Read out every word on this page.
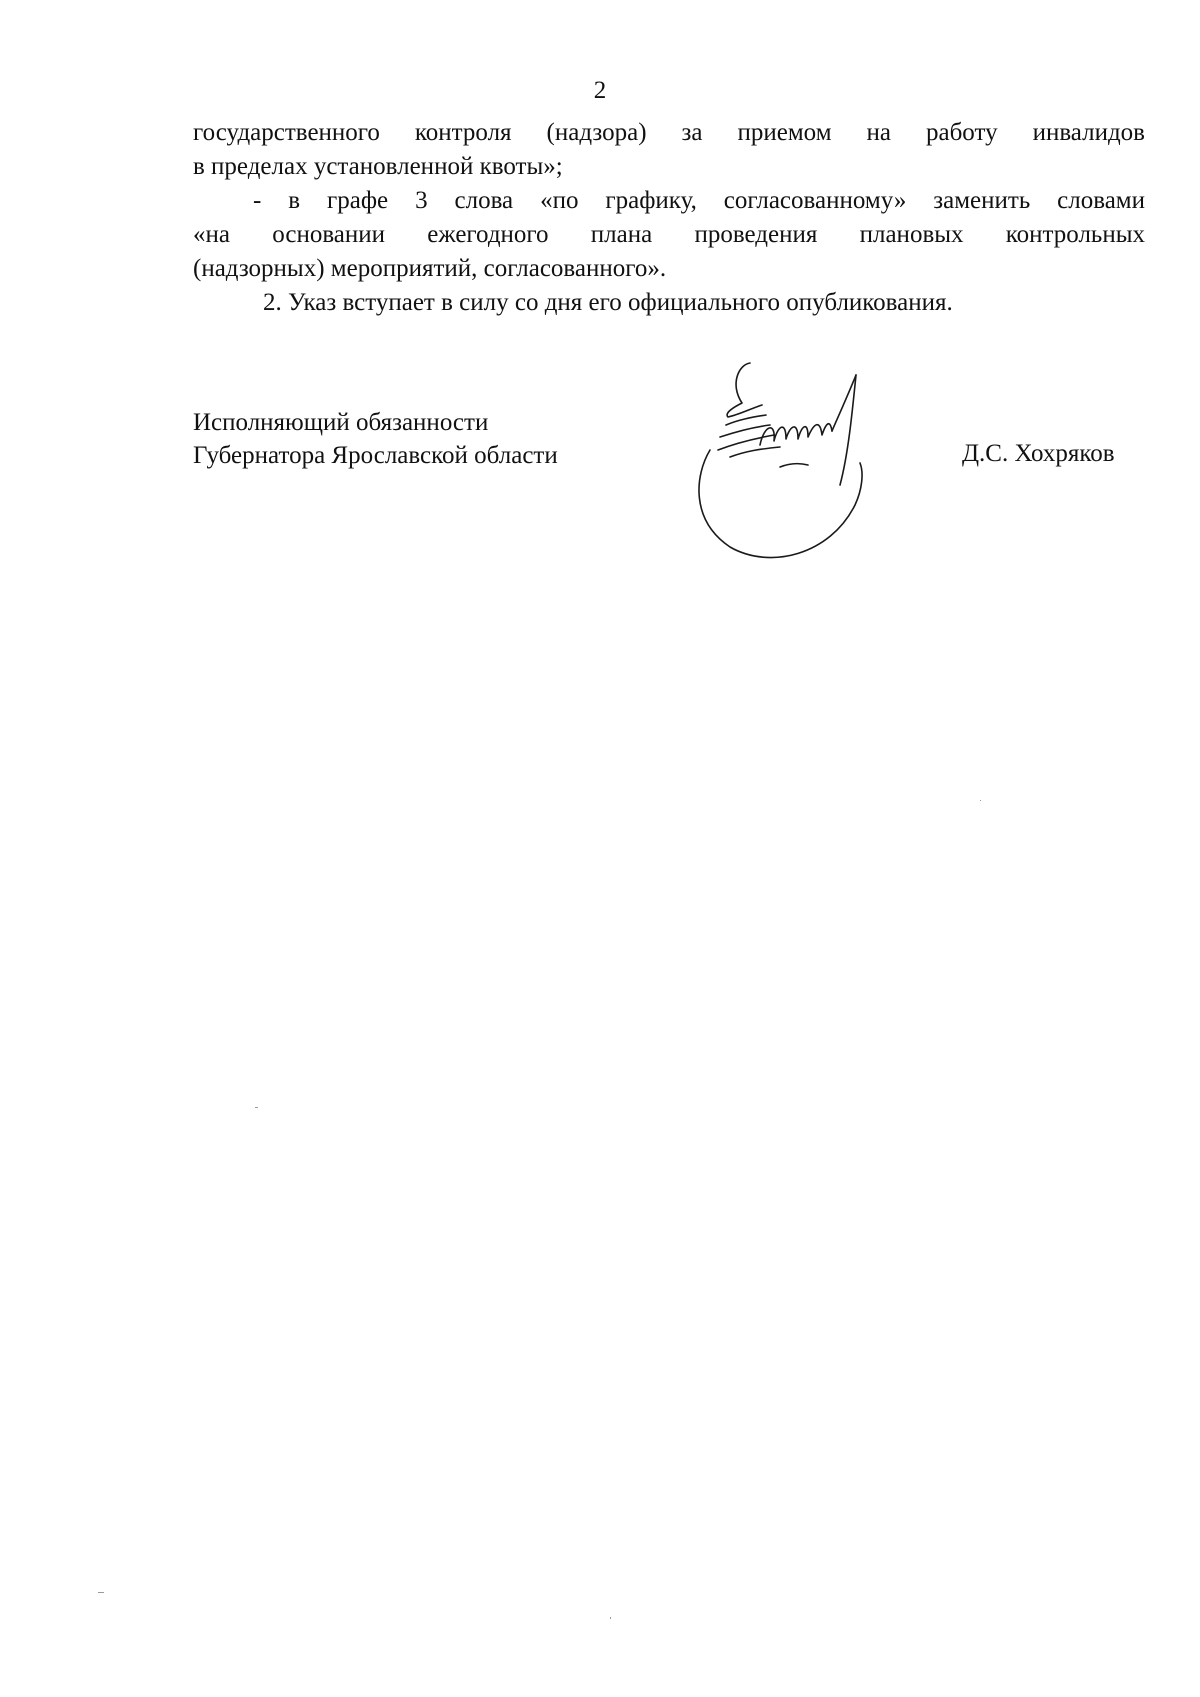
2
государственного контроля (надзора) за приемом на работу инвалидов
в пределах установленной квоты»;
- в графе 3 слова «по графику, согласованному» заменить словами
«на основании ежегодного плана проведения плановых контрольных
(надзорных) мероприятий, согласованного».
2. Указ вступает в силу со дня его официального опубликования.
Исполняющий обязанности
Губернатора Ярославской области	Д.С. Хохряков
